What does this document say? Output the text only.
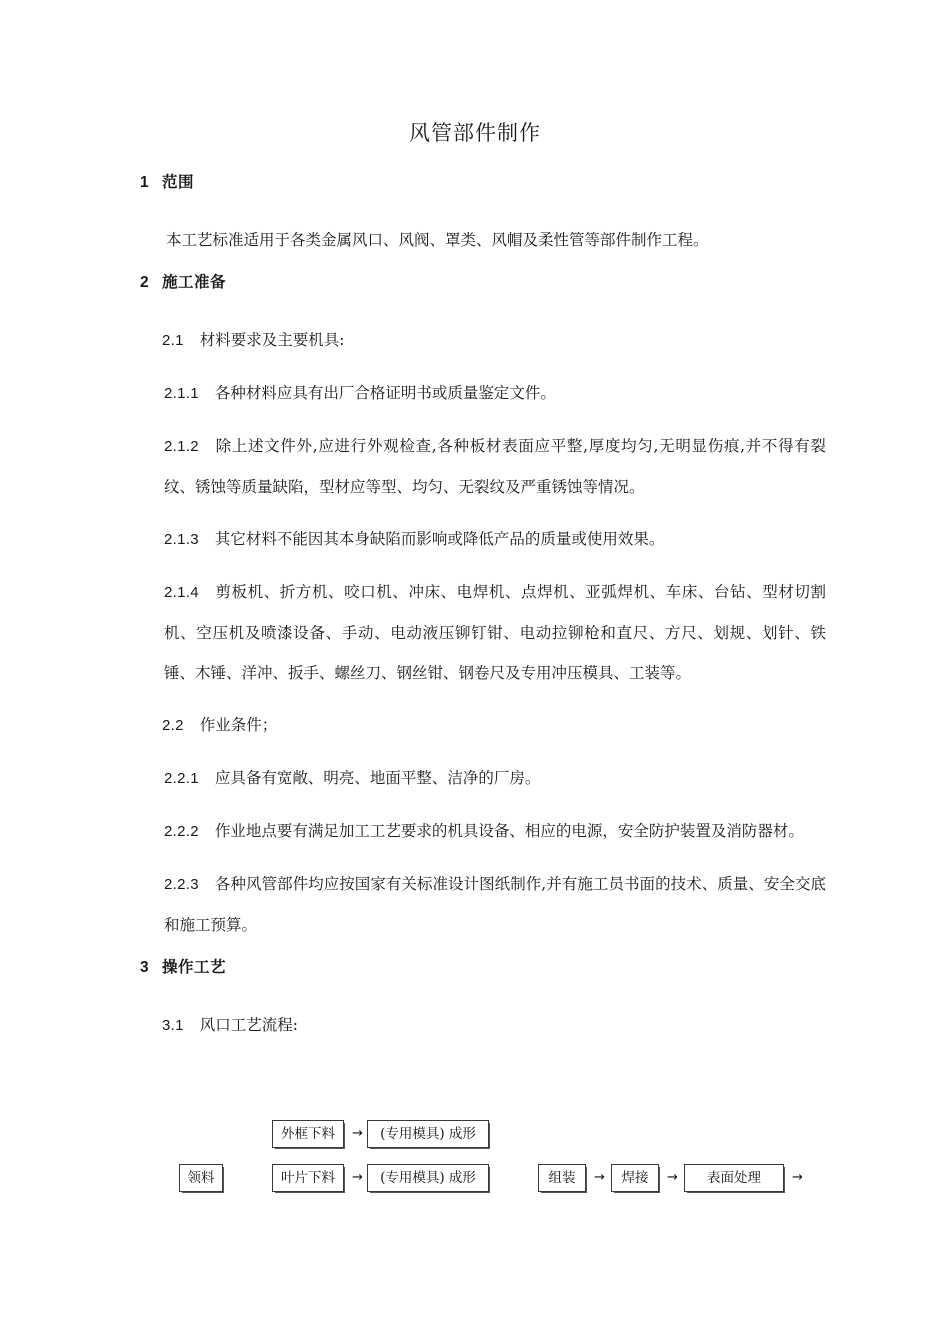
风管部件制作
1 范围
本工艺标准适用于各类金属风口、风阀、罩类、风帽及柔性管等部件制作工程。
2 施工准备
2.1 材料要求及主要机具:
2.1.1 各种材料应具有出厂合格证明书或质量鉴定文件。
2.1.2 除上述文件外,应进行外观检查,各种板材表面应平整,厚度均匀,无明显伤痕,并不得有裂纹、锈蚀等质量缺陷，型材应等型、均匀、无裂纹及严重锈蚀等情况。
2.1.3 其它材料不能因其本身缺陷而影响或降低产品的质量或使用效果。
2.1.4 剪板机、折方机、咬口机、冲床、电焊机、点焊机、亚弧焊机、车床、台钻、型材切割机、空压机及喷漆设备、手动、电动液压铆钉钳、电动拉铆枪和直尺、方尺、划规、划针、铁锤、木锤、洋冲、扳手、螺丝刀、钢丝钳、钢卷尺及专用冲压模具、工装等。
2.2 作业条件；
2.2.1 应具备有宽敞、明亮、地面平整、洁净的厂房。
2.2.2 作业地点要有满足加工工艺要求的机具设备、相应的电源，安全防护装置及消防器材。
2.2.3 各种风管部件均应按国家有关标准设计图纸制作,并有施工员书面的技术、质量、安全交底和施工预算。
3 操作工艺
3.1 风口工艺流程:
外框下料	→	(专用模具) 成形
领料	叶片下料	→	(专用模具) 成形	组装	→	焊接	→	表面处理	→
